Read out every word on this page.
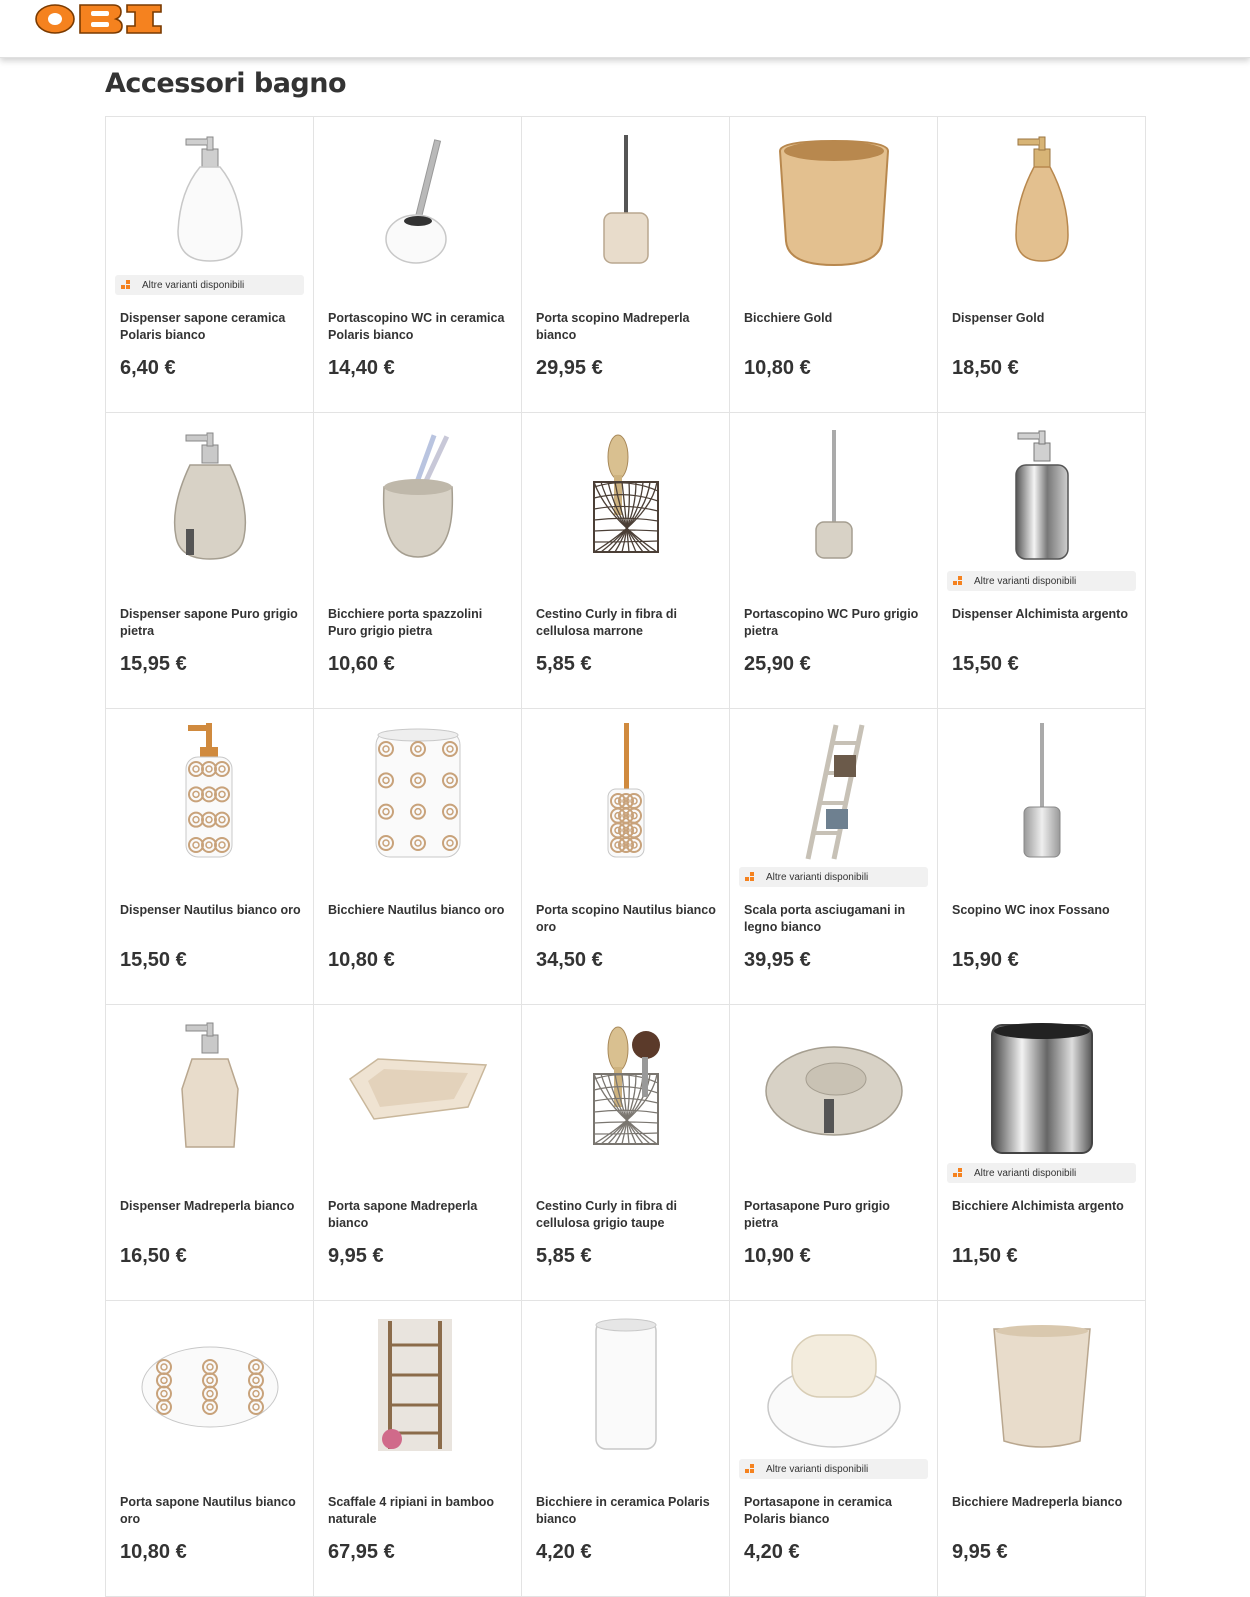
Accessori bagno
Altre varianti disponibili
Dispenser sapone ceramica Polaris bianco
6,40 €
Portascopino WC in ceramica Polaris bianco
14,40 €
Porta scopino Madreperla bianco
29,95 €
Bicchiere Gold
10,80 €
Dispenser Gold
18,50 €
Dispenser sapone Puro grigio pietra
15,95 €
Bicchiere porta spazzolini Puro grigio pietra
10,60 €
Cestino Curly in fibra di cellulosa marrone
5,85 €
Portascopino WC Puro grigio pietra
25,90 €
Altre varianti disponibili
Dispenser Alchimista argento
15,50 €
Dispenser Nautilus bianco oro
15,50 €
Bicchiere Nautilus bianco oro
10,80 €
Porta scopino Nautilus bianco oro
34,50 €
Altre varianti disponibili
Scala porta asciugamani in legno bianco
39,95 €
Scopino WC inox Fossano
15,90 €
Dispenser Madreperla bianco
16,50 €
Porta sapone Madreperla bianco
9,95 €
Cestino Curly in fibra di cellulosa grigio taupe
5,85 €
Portasapone Puro grigio pietra
10,90 €
Altre varianti disponibili
Bicchiere Alchimista argento
11,50 €
Porta sapone Nautilus bianco oro
10,80 €
Scaffale 4 ripiani in bamboo naturale
67,95 €
Bicchiere in ceramica Polaris bianco
4,20 €
Altre varianti disponibili
Portasapone in ceramica Polaris bianco
4,20 €
Bicchiere Madreperla bianco
9,95 €
